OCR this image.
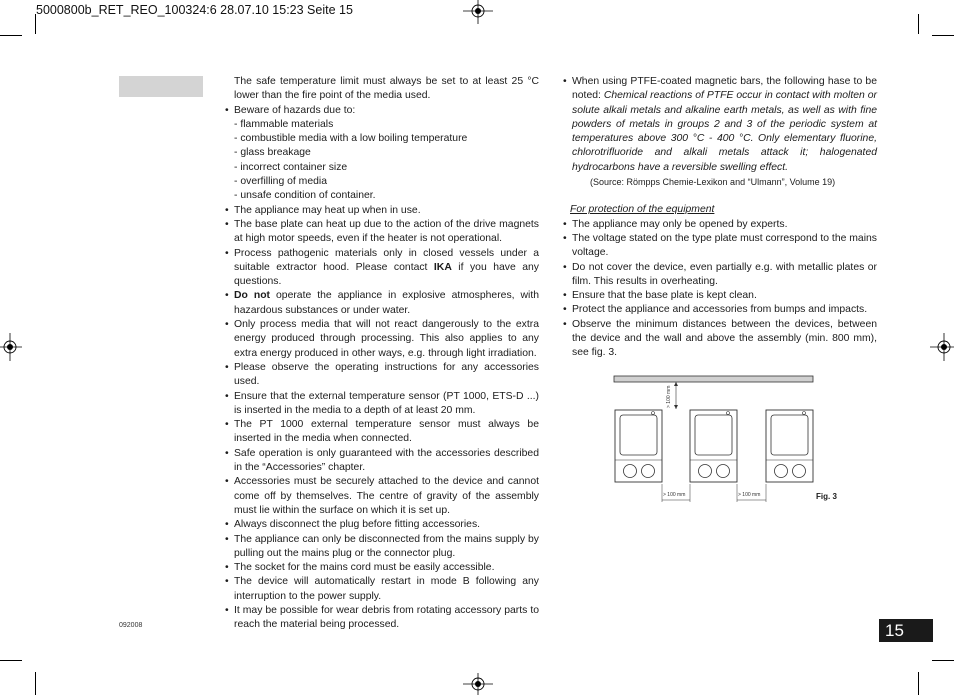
5000800b_RET_REO_100324:6 28.07.10 15:23 Seite 15

The safe temperature limit must always be set to at least 25 °C lower than the fire point of the media used.

• Beware of hazards due to:

- flammable materials

- combustible media with a low boiling temperature

- glass breakage

- incorrect container size

- overfilling of media

- unsafe condition of container.

• The appliance may heat up when in use.

• The base plate can heat up due to the action of the drive magnets at high motor speeds, even if the heater is not operational.

• Process pathogenic materials only in closed vessels under a suitable extractor hood. Please contact IKA if you have any questions.

• Do not operate the appliance in explosive atmospheres, with hazardous substances or under water.

• Only process media that will not react dangerously to the extra energy produced through processing. This also applies to any extra energy produced in other ways, e.g. through light irradiation.

• Please observe the operating instructions for any accessories used.

• Ensure that the external temperature sensor (PT 1000, ETS-D ...) is inserted in the media to a depth of at least 20 mm.

• The PT 1000 external temperature sensor must always be inserted in the media when connected.

• Safe operation is only guaranteed with the accessories described in the “Accessories” chapter.

• Accessories must be securely attached to the device and cannot come off by themselves. The centre of gravity of the assembly must lie within the surface on which it is set up.

• Always disconnect the plug before fitting accessories.

• The appliance can only be disconnected from the mains supply by pulling out the mains plug or the connector plug.

• The socket for the mains cord must be easily accessible.

• The device will automatically restart in mode B following any interruption to the power supply.

• It may be possible for wear debris from rotating accessory parts to reach the material being processed.

• When using PTFE-coated magnetic bars, the following hase to be noted: Chemical reactions of PTFE occur in contact with molten or solute alkali metals and alkaline earth metals, as well as with fine powders of metals in groups 2 and 3 of the periodic system at temperatures above 300 °C - 400 °C. Only elementary fluorine, chlorotrifluoride and alkali metals attack it; halogenated hydrocarbons have a reversible swelling effect.

(Source: Römpps Chemie-Lexikon and “Ulmann”, Volume 19)

For protection of the equipment

• The appliance may only be opened by experts.

• The voltage stated on the type plate must correspond to the mains voltage.

• Do not cover the device, even partially e.g. with metallic plates or film. This results in overheating.

• Ensure that the base plate is kept clean.

• Protect the appliance and accessories from bumps and impacts.

• Observe the minimum distances between the devices, between the device and the wall and above the assembly (min. 800 mm), see fig. 3.

> 100 mm
> 100 mm	> 100 mm	Fig. 3
092008	15
